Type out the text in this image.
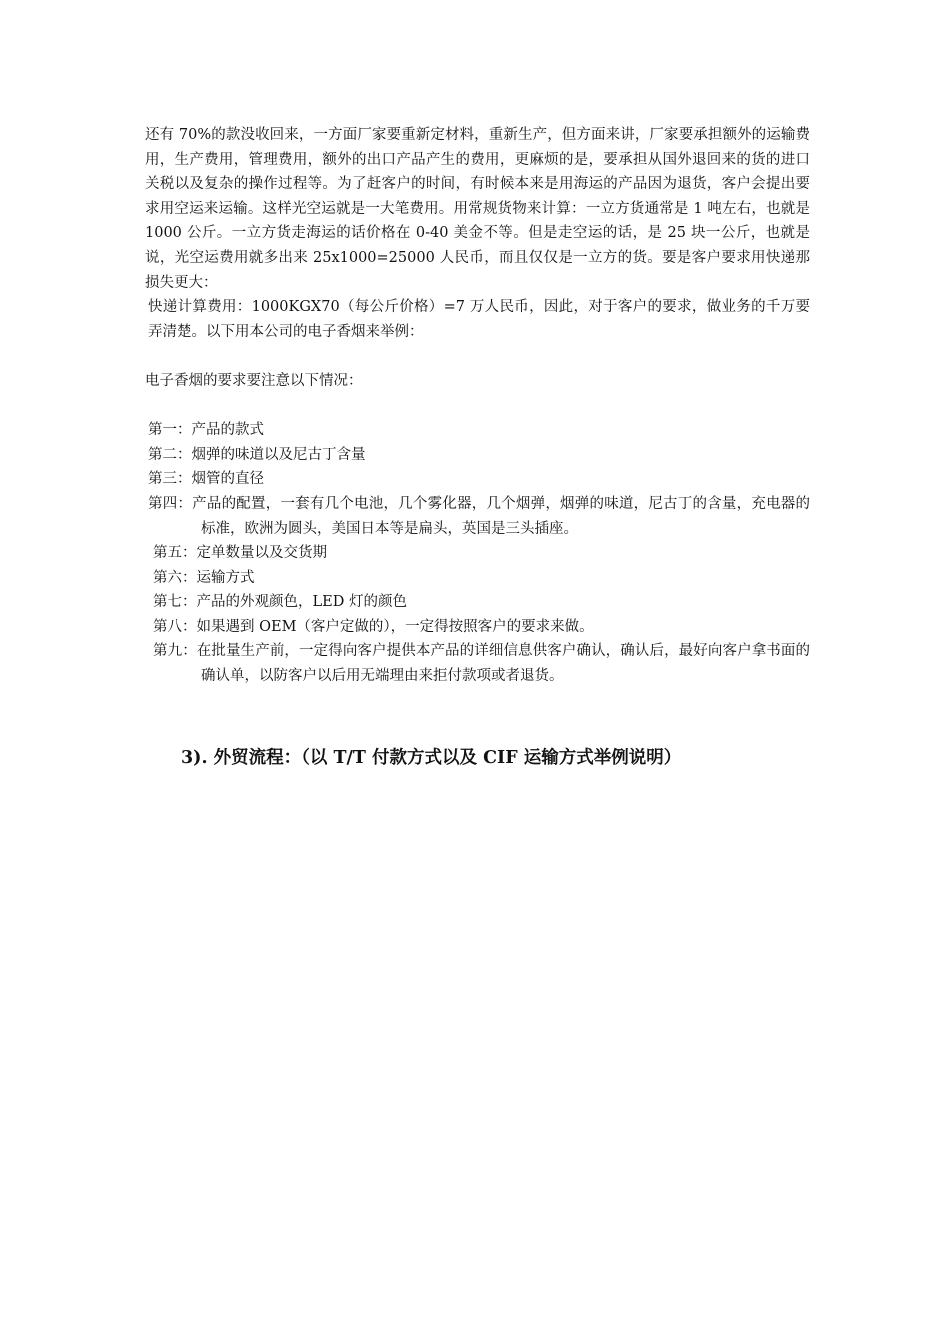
还有 70%的款没收回来，一方面厂家要重新定材料，重新生产，但方面来讲，厂家要承担额外的运输费用，生产费用，管理费用，额外的出口产品产生的费用，更麻烦的是，要承担从国外退回来的货的进口关税以及复杂的操作过程等。为了赶客户的时间，有时候本来是用海运的产品因为退货，客户会提出要求用空运来运输。这样光空运就是一大笔费用。用常规货物来计算：一立方货通常是 1 吨左右，也就是 1000 公斤。一立方货走海运的话价格在 0-40 美金不等。但是走空运的话，是 25 块一公斤，也就是说，光空运费用就多出来 25x1000=25000 人民币，而且仅仅是一立方的货。要是客户要求用快递那损失更大：

快递计算费用：1000KGX70（每公斤价格）=7 万人民币，因此，对于客户的要求，做业务的千万要弄清楚。以下用本公司的电子香烟来举例：

电子香烟的要求要注意以下情况：

第一：产品的款式
第二：烟弹的味道以及尼古丁含量
第三：烟管的直径
第四：产品的配置，一套有几个电池，几个雾化器，几个烟弹，烟弹的味道，尼古丁的含量，充电器的标准，欧洲为圆头，美国日本等是扁头，英国是三头插座。
第五：定单数量以及交货期
第六：运输方式
第七：产品的外观颜色，LED 灯的颜色
第八：如果遇到 OEM（客户定做的），一定得按照客户的要求来做。
第九：在批量生产前，一定得向客户提供本产品的详细信息供客户确认，确认后，最好向客户拿书面的确认单，以防客户以后用无端理由来拒付款项或者退货。
3). 外贸流程：（以 T/T 付款方式以及 CIF 运输方式举例说明）
